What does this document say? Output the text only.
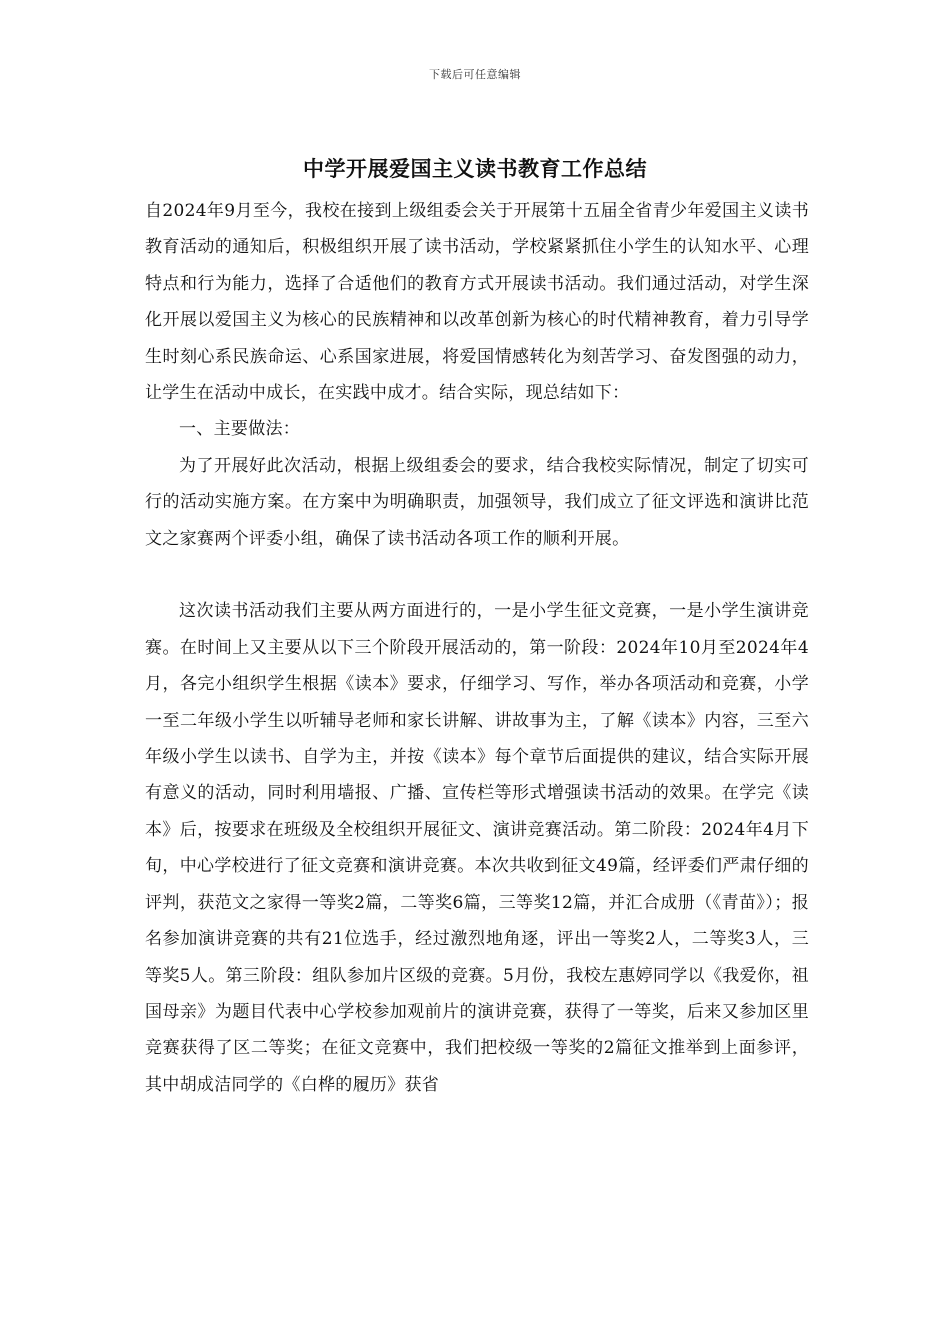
下载后可任意编辑
中学开展爱国主义读书教育工作总结

自2024年9月至今，我校在接到上级组委会关于开展第十五届全省青少年爱国主义读书教育活动的通知后，积极组织开展了读书活动，学校紧紧抓住小学生的认知水平、心理特点和行为能力，选择了合适他们的教育方式开展读书活动。我们通过活动，对学生深化开展以爱国主义为核心的民族精神和以改革创新为核心的时代精神教育，着力引导学生时刻心系民族命运、心系国家进展，将爱国情感转化为刻苦学习、奋发图强的动力，让学生在活动中成长，在实践中成才。结合实际，现总结如下：

一、主要做法：

为了开展好此次活动，根据上级组委会的要求，结合我校实际情况，制定了切实可行的活动实施方案。在方案中为明确职责，加强领导，我们成立了征文评选和演讲比范文之家赛两个评委小组，确保了读书活动各项工作的顺利开展。

这次读书活动我们主要从两方面进行的，一是小学生征文竞赛，一是小学生演讲竞赛。在时间上又主要从以下三个阶段开展活动的，第一阶段：2024年10月至2024年4月，各完小组织学生根据《读本》要求，仔细学习、写作，举办各项活动和竞赛，小学一至二年级小学生以听辅导老师和家长讲解、讲故事为主，了解《读本》内容，三至六年级小学生以读书、自学为主，并按《读本》每个章节后面提供的建议，结合实际开展有意义的活动，同时利用墙报、广播、宣传栏等形式增强读书活动的效果。在学完《读本》后，按要求在班级及全校组织开展征文、演讲竞赛活动。第二阶段：2024年4月下旬，中心学校进行了征文竞赛和演讲竞赛。本次共收到征文49篇，经评委们严肃仔细的评判，获范文之家得一等奖2篇，二等奖6篇，三等奖12篇，并汇合成册（《青苗》）；报名参加演讲竞赛的共有21位选手，经过激烈地角逐，评出一等奖2人，二等奖3人，三等奖5人。第三阶段：组队参加片区级的竞赛。5月份，我校左惠婷同学以《我爱你，祖国母亲》为题目代表中心学校参加观前片的演讲竞赛，获得了一等奖，后来又参加区里竞赛获得了区二等奖；在征文竞赛中，我们把校级一等奖的2篇征文推举到上面参评，其中胡成洁同学的《白桦的履历》获省
